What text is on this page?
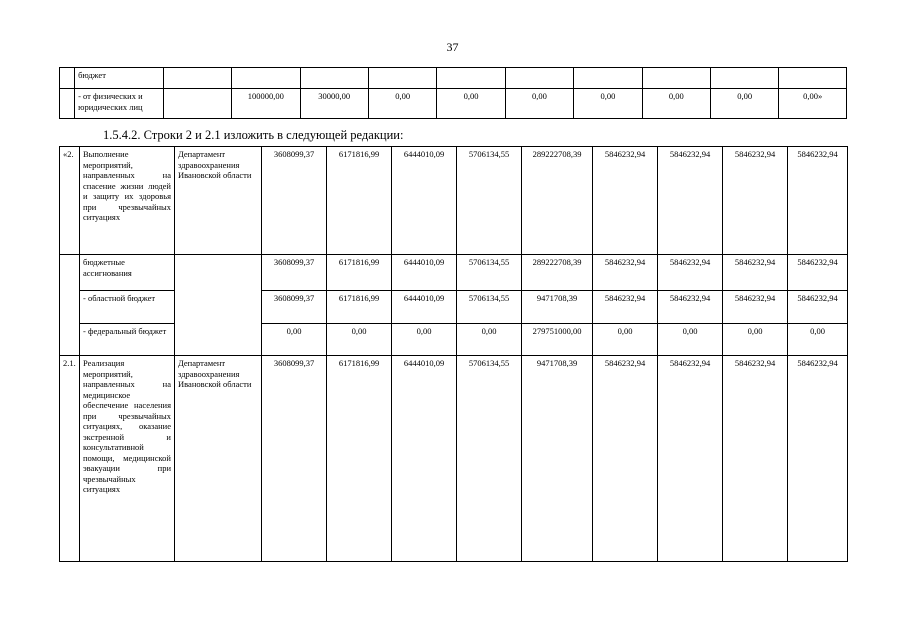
37
	бюджет										
	- от физических и юридических лиц		100000,00	30000,00	0,00	0,00	0,00	0,00	0,00	0,00	0,00»
1.5.4.2. Строки 2 и 2.1 изложить в следующей редакции:
«2.	Выполнение мероприятий, направленных на спасение жизни людей и защиту их здоровья при чрезвычайных ситуациях	Департамент здравоохранения Ивановской области	3608099,37	6171816,99	6444010,09	5706134,55	289222708,39	5846232,94	5846232,94	5846232,94	5846232,94
	бюджетные ассигнования		3608099,37	6171816,99	6444010,09	5706134,55	289222708,39	5846232,94	5846232,94	5846232,94	5846232,94
	- областной бюджет		3608099,37	6171816,99	6444010,09	5706134,55	9471708,39	5846232,94	5846232,94	5846232,94	5846232,94
	- федеральный бюджет		0,00	0,00	0,00	0,00	279751000,00	0,00	0,00	0,00	0,00
2.1.	Реализация мероприятий, направленных на медицинское обеспечение населения при чрезвычайных ситуациях, оказание экстренной и консультативной помощи, медицинской эвакуации при чрезвычайных ситуациях	Департамент здравоохранения Ивановской области	3608099,37	6171816,99	6444010,09	5706134,55	9471708,39	5846232,94	5846232,94	5846232,94	5846232,94
